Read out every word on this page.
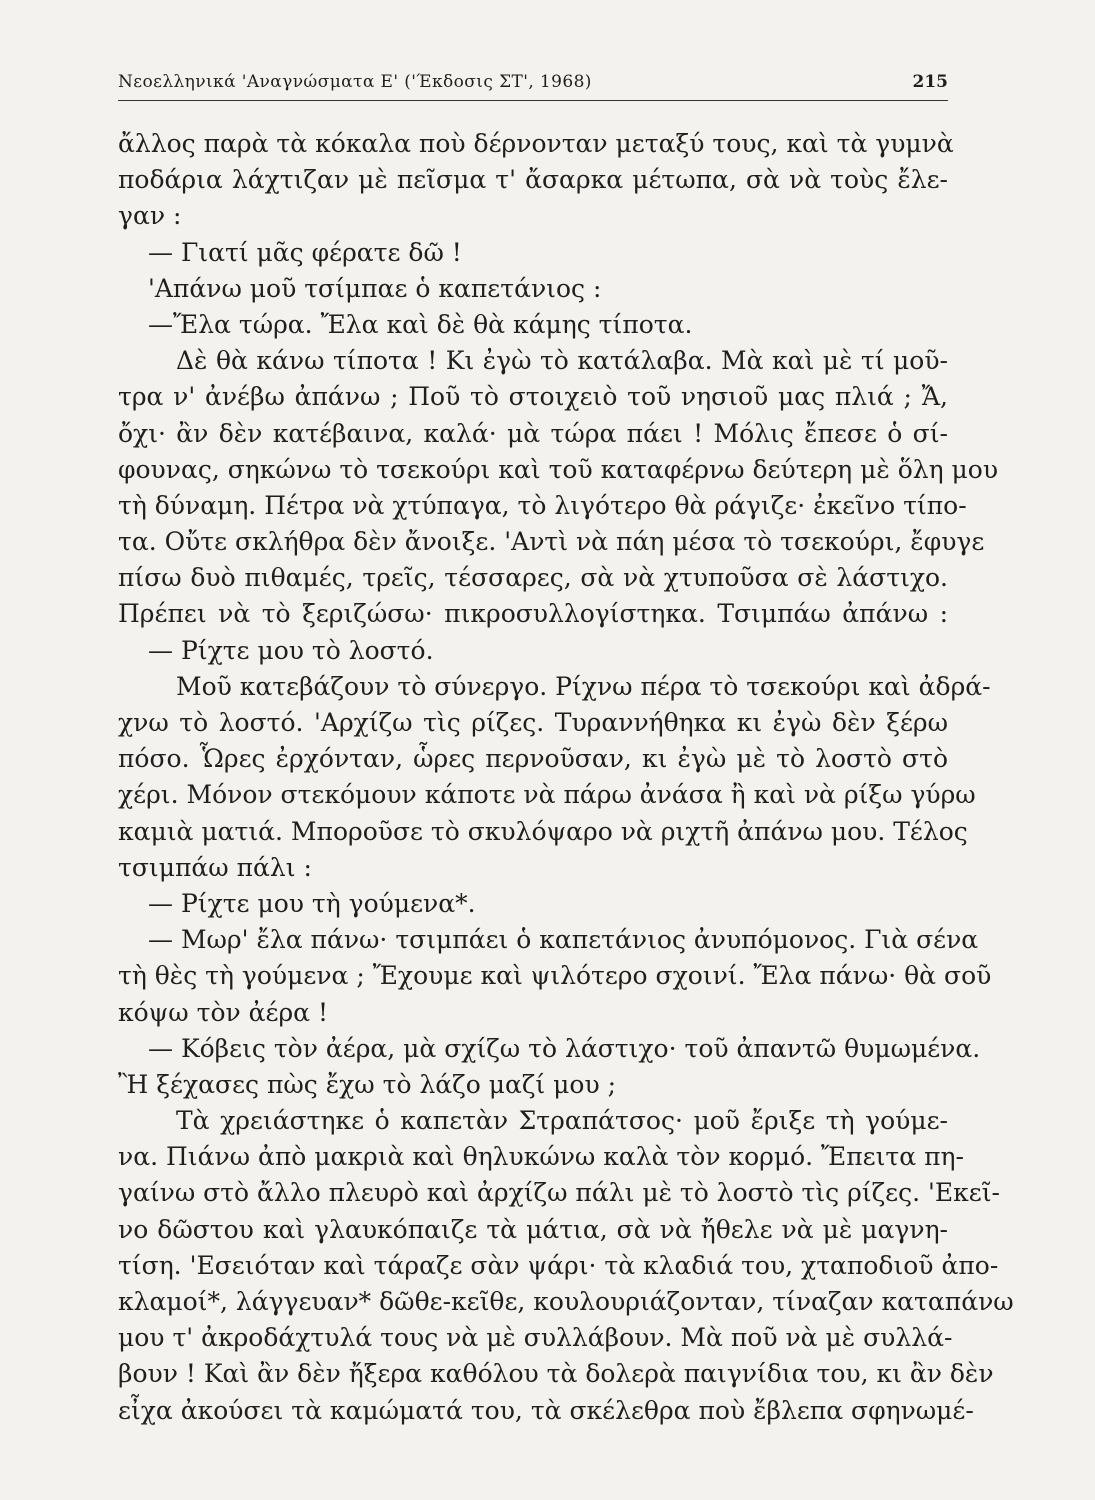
Νεοελληνικά 'Αναγνώσματα Ε' ('Έκδοσις ΣΤ', 1968)	215
ἄλλος παρὰ τὰ κόκαλα ποὺ δέρνονταν μεταξύ τους, καὶ τὰ γυμνὰ
ποδάρια λάχτιζαν μὲ πεῖσμα τ' ἄσαρκα μέτωπα, σὰ νὰ τοὺς ἔλε-
γαν :
— Γιατί μᾶς φέρατε δῶ !
'Απάνω μοῦ τσίμπαε ὁ καπετάνιος :
—Ἔλα τώρα. Ἔλα καὶ δὲ θὰ κάμης τίποτα.
Δὲ θὰ κάνω τίποτα ! Κι ἐγὼ τὸ κατάλαβα. Μὰ καὶ μὲ τί μοῦ-
τρα ν' ἀνέβω ἀπάνω ; Ποῦ τὸ στοιχειὸ τοῦ νησιοῦ μας πλιά ; Ἄ,
ὄχι· ἂν δὲν κατέβαινα, καλά· μὰ τώρα πάει ! Μόλις ἔπεσε ὁ σί-
φουνας, σηκώνω τὸ τσεκούρι καὶ τοῦ καταφέρνω δεύτερη μὲ ὅλη μου
τὴ δύναμη. Πέτρα νὰ χτύπαγα, τὸ λιγότερο θὰ ράγιζε· ἐκεῖνο τίπο-
τα. Οὔτε σκλήθρα δὲν ἄνοιξε. 'Αντὶ νὰ πάη μέσα τὸ τσεκούρι, ἔφυγε
πίσω δυὸ πιθαμές, τρεῖς, τέσσαρες, σὰ νὰ χτυποῦσα σὲ λάστιχο.
Πρέπει νὰ τὸ ξεριζώσω· πικροσυλλογίστηκα. Τσιμπάω ἀπάνω :
— Ρίχτε μου τὸ λοστό.
Μοῦ κατεβάζουν τὸ σύνεργο. Ρίχνω πέρα τὸ τσεκούρι καὶ ἀδρά-
χνω τὸ λοστό. 'Αρχίζω τὶς ρίζες. Τυραννήθηκα κι ἐγὼ δὲν ξέρω
πόσο. Ὧρες ἐρχόνταν, ὧρες περνοῦσαν, κι ἐγὼ μὲ τὸ λοστὸ στὸ
χέρι. Μόνον στεκόμουν κάποτε νὰ πάρω ἀνάσα ἢ καὶ νὰ ρίξω γύρω
καμιὰ ματιά. Μποροῦσε τὸ σκυλόψαρο νὰ ριχτῆ ἀπάνω μου. Τέλος
τσιμπάω πάλι :
— Ρίχτε μου τὴ γούμενα*.
— Μωρ' ἔλα πάνω· τσιμπάει ὁ καπετάνιος ἀνυπόμονος. Γιὰ σένα
τὴ θὲς τὴ γούμενα ; Ἔχουμε καὶ ψιλότερο σχοινί. Ἔλα πάνω· θὰ σοῦ
κόψω τὸν ἀέρα !
— Κόβεις τὸν ἀέρα, μὰ σχίζω τὸ λάστιχο· τοῦ ἀπαντῶ θυμωμένα.
Ἢ ξέχασες πὼς ἔχω τὸ λάζο μαζί μου ;
Τὰ χρειάστηκε ὁ καπετὰν Στραπάτσος· μοῦ ἔριξε τὴ γούμε-
να. Πιάνω ἀπὸ μακριὰ καὶ θηλυκώνω καλὰ τὸν κορμό. Ἔπειτα πη-
γαίνω στὸ ἄλλο πλευρὸ καὶ ἀρχίζω πάλι μὲ τὸ λοστὸ τὶς ρίζες. 'Εκεῖ-
νο δῶστου καὶ γλαυκόπαιζε τὰ μάτια, σὰ νὰ ἤθελε νὰ μὲ μαγνη-
τίση. 'Εσειόταν καὶ τάραζε σὰν ψάρι· τὰ κλαδιά του, χταποδιοῦ ἀπο-
κλαμοί*, λάγγευαν* δῶθε-κεῖθε, κουλουριάζονταν, τίναζαν καταπάνω
μου τ' ἀκροδάχτυλά τους νὰ μὲ συλλάβουν. Μὰ ποῦ νὰ μὲ συλλά-
βουν ! Καὶ ἂν δὲν ἤξερα καθόλου τὰ δολερὰ παιγνίδια του, κι ἂν δὲν
εἶχα ἀκούσει τὰ καμώματά του, τὰ σκέλεθρα ποὺ ἔβλεπα σφηνωμέ-
